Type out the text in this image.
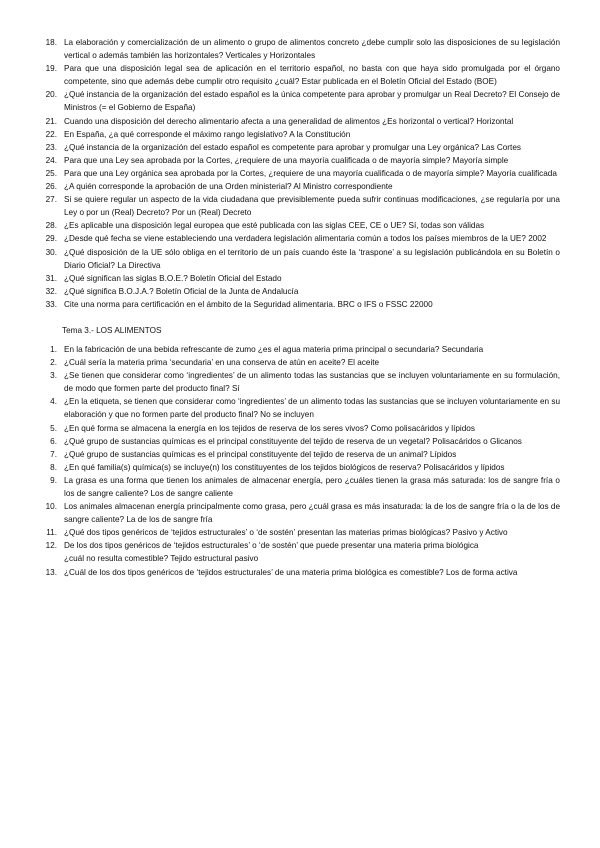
18. La elaboración y comercialización de un alimento o grupo de alimentos concreto ¿debe cumplir solo las disposiciones de su legislación vertical o además también las horizontales? Verticales y Horizontales
19. Para que una disposición legal sea de aplicación en el territorio español, no basta con que haya sido promulgada por el órgano competente, sino que además debe cumplir otro requisito ¿cuál? Estar publicada en el Boletín Oficial del Estado (BOE)
20. ¿Qué instancia de la organización del estado español es la única competente para aprobar y promulgar un Real Decreto? El Consejo de Ministros (= el Gobierno de España)
21. Cuando una disposición del derecho alimentario afecta a una generalidad de alimentos ¿Es horizontal o vertical? Horizontal
22. En España, ¿a qué corresponde el máximo rango legislativo? A la Constitución
23. ¿Qué instancia de la organización del estado español es competente para aprobar y promulgar una Ley orgánica? Las Cortes
24. Para que una Ley sea aprobada por la Cortes, ¿requiere de una mayoría cualificada o de mayoría simple? Mayoría simple
25. Para que una Ley orgánica sea aprobada por la Cortes, ¿requiere de una mayoría cualificada o de mayoría simple? Mayoría cualificada
26. ¿A quién corresponde la aprobación de una Orden ministerial? Al Ministro correspondiente
27. Si se quiere regular un aspecto de la vida ciudadana que previsiblemente pueda sufrir continuas modificaciones, ¿se regularía por una Ley o por un (Real) Decreto? Por un (Real) Decreto
28. ¿Es aplicable una disposición legal europea que esté publicada con las siglas CEE, CE o UE? Sí, todas son válidas
29. ¿Desde qué fecha se viene estableciendo una verdadera legislación alimentaria común a todos los países miembros de la UE? 2002
30. ¿Qué disposición de la UE sólo obliga en el territorio de un país cuando éste la ‘traspone’ a su legislación publicándola en su Boletín o Diario Oficial? La Directiva
31. ¿Qué significan las siglas B.O.E.? Boletín Oficial del Estado
32. ¿Qué significa B.O.J.A.? Boletín Oficial de la Junta de Andalucía
33. Cite una norma para certificación en el ámbito de la Seguridad alimentaria. BRC o IFS o FSSC 22000
Tema 3.- LOS ALIMENTOS
1. En la fabricación de una bebida refrescante de zumo ¿es el agua materia prima principal o secundaria? Secundaria
2. ¿Cuál sería la materia prima ‘secundaria’ en una conserva de atún en aceite? El aceite
3. ¿Se tienen que considerar como ‘ingredientes’ de un alimento todas las sustancias que se incluyen voluntariamente en su formulación, de modo que formen parte del producto final? Sí
4. ¿En la etiqueta, se tienen que considerar como ‘ingredientes’ de un alimento todas las sustancias que se incluyen voluntariamente en su elaboración y que no formen parte del producto final? No se incluyen
5. ¿En qué forma se almacena la energía en los tejidos de reserva de los seres vivos? Como polisacáridos y lípidos
6. ¿Qué grupo de sustancias químicas es el principal constituyente del tejido de reserva de un vegetal? Polisacáridos o Glicanos
7. ¿Qué grupo de sustancias químicas es el principal constituyente del tejido de reserva de un animal? Lípidos
8. ¿En qué familia(s) química(s) se incluye(n) los constituyentes de los tejidos biológicos de reserva? Polisacáridos y lípidos
9. La grasa es una forma que tienen los animales de almacenar energía, pero ¿cuáles tienen la grasa más saturada: los de sangre fría o los de sangre caliente? Los de sangre caliente
10. Los animales almacenan energía principalmente como grasa, pero ¿cuál grasa es más insaturada: la de los de sangre fría o la de los de sangre caliente? La de los de sangre fría
11. ¿Qué dos tipos genéricos de ‘tejidos estructurales’ o ‘de sostén’ presentan las materias primas biológicas? Pasivo y Activo
12. De los dos tipos genéricos de ‘tejidos estructurales’ o ‘de sostén’ que puede presentar una materia prima biológica
¿cuál no resulta comestible? Tejido estructural pasivo
13. ¿Cuál de los dos tipos genéricos de ‘tejidos estructurales’ de una materia prima biológica es comestible? Los de forma activa
